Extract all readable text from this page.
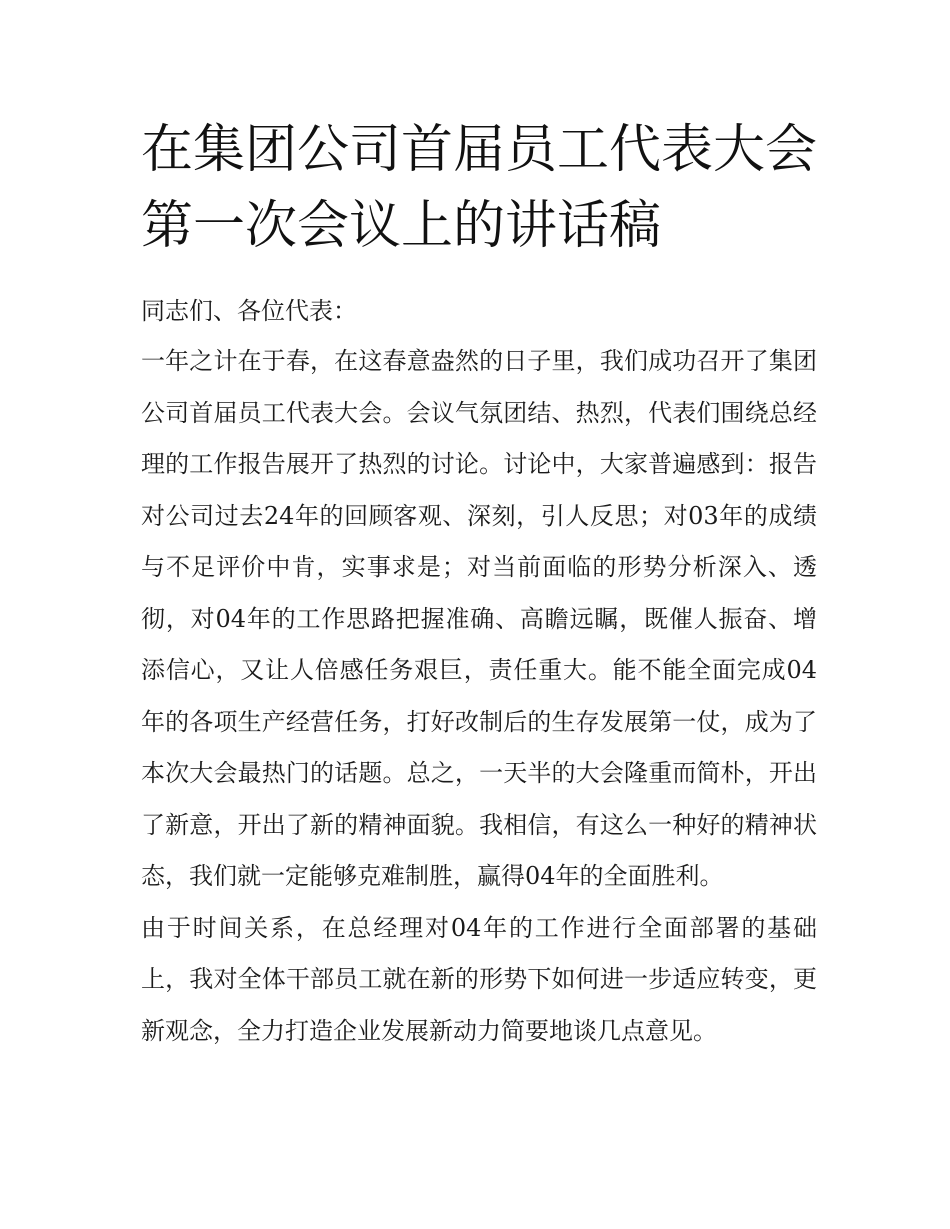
在集团公司首届员工代表大会第一次会议上的讲话稿

同志们、各位代表：

一年之计在于春，在这春意盎然的日子里，我们成功召开了集团公司首届员工代表大会。会议气氛团结、热烈，代表们围绕总经理的工作报告展开了热烈的讨论。讨论中，大家普遍感到：报告对公司过去24年的回顾客观、深刻，引人反思；对03年的成绩与不足评价中肯，实事求是；对当前面临的形势分析深入、透彻，对04年的工作思路把握准确、高瞻远瞩，既催人振奋、增添信心，又让人倍感任务艰巨，责任重大。能不能全面完成04年的各项生产经营任务，打好改制后的生存发展第一仗，成为了本次大会最热门的话题。总之，一天半的大会隆重而简朴，开出了新意，开出了新的精神面貌。我相信，有这么一种好的精神状态，我们就一定能够克难制胜，赢得04年的全面胜利。

由于时间关系，在总经理对04年的工作进行全面部署的基础上，我对全体干部员工就在新的形势下如何进一步适应转变，更新观念，全力打造企业发展新动力简要地谈几点意见。
